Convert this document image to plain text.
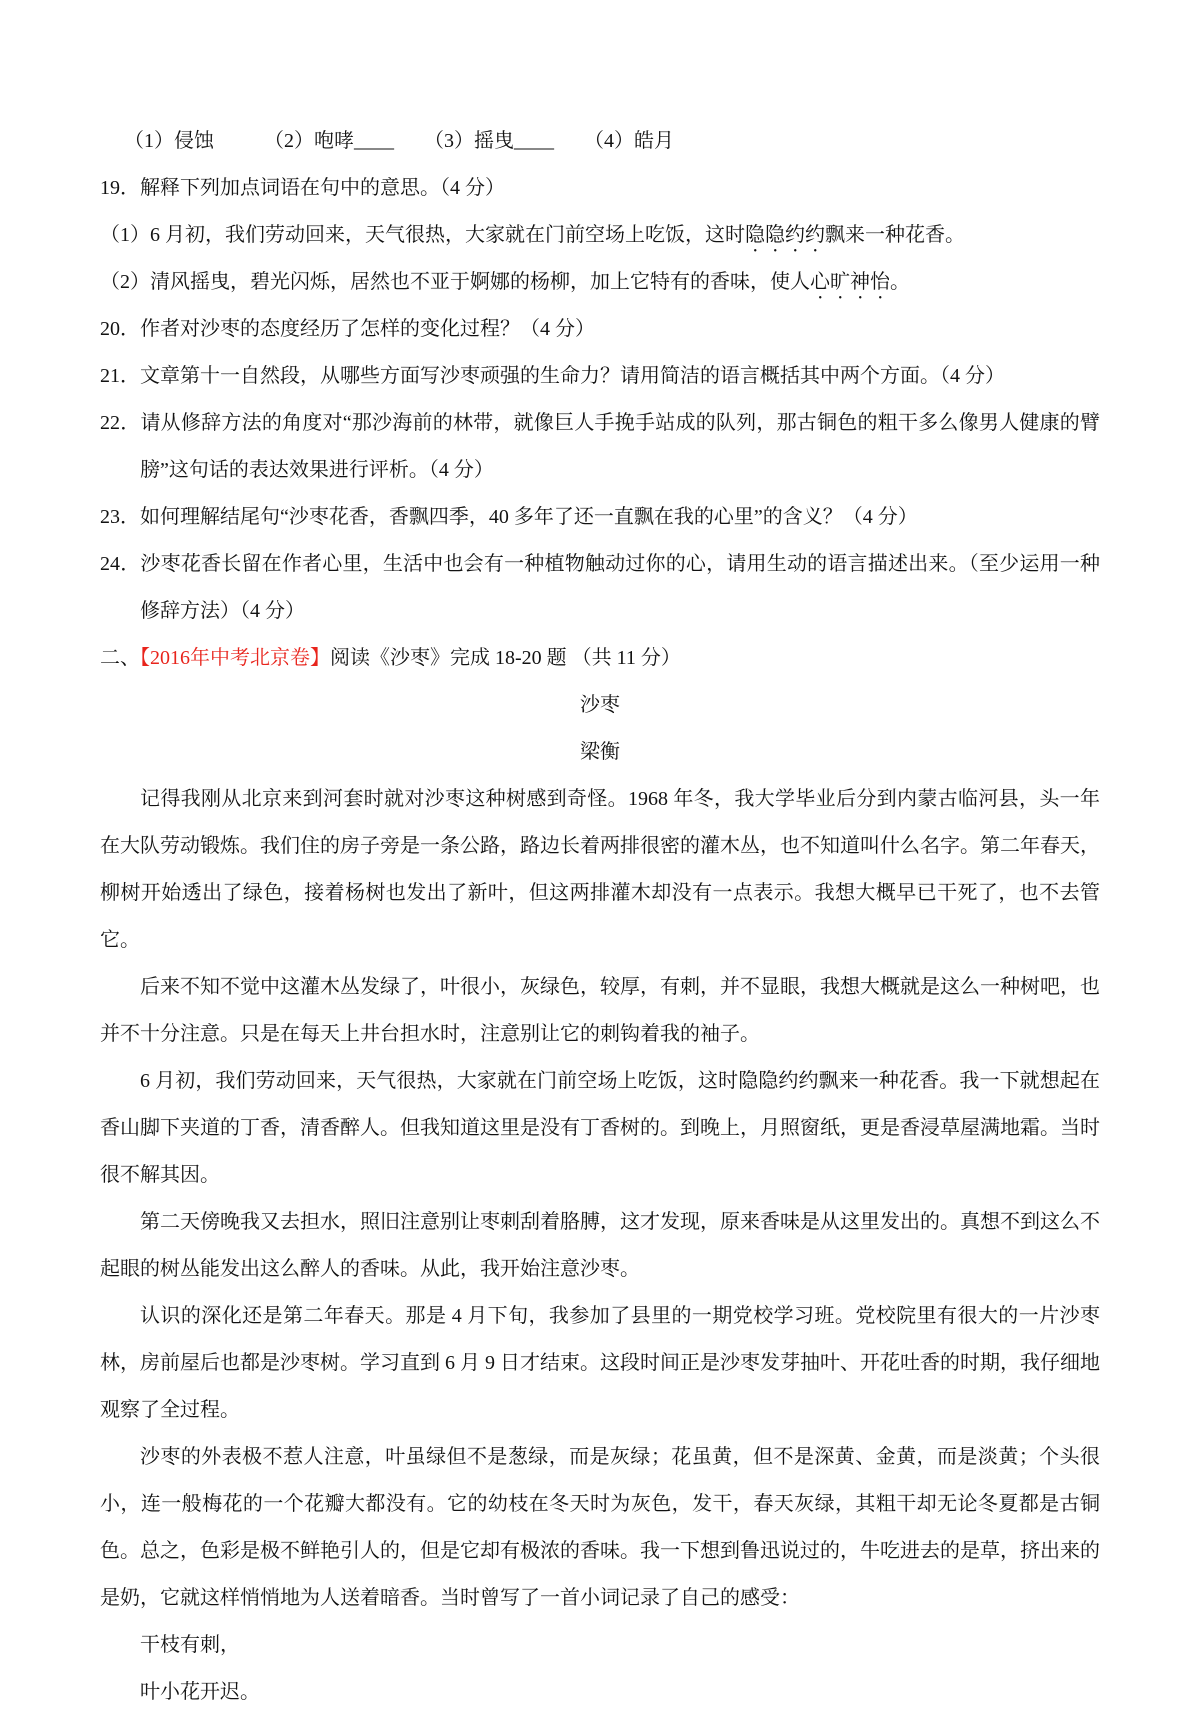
（1）侵蚀　　　（2）咆哮____　　（3）摇曳____　　（4）皓月

19．解释下列加点词语在句中的意思。（4 分）

（1）6 月初，我们劳动回来，天气很热，大家就在门前空场上吃饭，这时隐隐约约飘来一种花香。

（2）清风摇曳，碧光闪烁，居然也不亚于婀娜的杨柳，加上它特有的香味，使人心旷神怡。

20．作者对沙枣的态度经历了怎样的变化过程？（4 分）

21．文章第十一自然段，从哪些方面写沙枣顽强的生命力？请用简洁的语言概括其中两个方面。（4 分）

22．请从修辞方法的角度对“那沙海前的林带，就像巨人手挽手站成的队列，那古铜色的粗干多么像男人健康的臂膀”这句话的表达效果进行评析。（4 分）

23．如何理解结尾句“沙枣花香，香飘四季，40 多年了还一直飘在我的心里”的含义？（4 分）

24．沙枣花香长留在作者心里，生活中也会有一种植物触动过你的心，请用生动的语言描述出来。（至少运用一种修辞方法）（4 分）

二、【2016年中考北京卷】阅读《沙枣》完成 18-20 题 （共 11 分）

沙枣

梁衡

记得我刚从北京来到河套时就对沙枣这种树感到奇怪。1968 年冬，我大学毕业后分到内蒙古临河县，头一年在大队劳动锻炼。我们住的房子旁是一条公路，路边长着两排很密的灌木丛，也不知道叫什么名字。第二年春天，柳树开始透出了绿色，接着杨树也发出了新叶，但这两排灌木却没有一点表示。我想大概早已干死了，也不去管它。

后来不知不觉中这灌木丛发绿了，叶很小，灰绿色，较厚，有刺，并不显眼，我想大概就是这么一种树吧，也并不十分注意。只是在每天上井台担水时，注意别让它的刺钩着我的袖子。

6 月初，我们劳动回来，天气很热，大家就在门前空场上吃饭，这时隐隐约约飘来一种花香。我一下就想起在香山脚下夹道的丁香，清香醉人。但我知道这里是没有丁香树的。到晚上，月照窗纸，更是香浸草屋满地霜。当时很不解其因。

第二天傍晚我又去担水，照旧注意别让枣刺刮着胳膊，这才发现，原来香味是从这里发出的。真想不到这么不起眼的树丛能发出这么醉人的香味。从此，我开始注意沙枣。

认识的深化还是第二年春天。那是 4 月下旬，我参加了县里的一期党校学习班。党校院里有很大的一片沙枣林，房前屋后也都是沙枣树。学习直到 6 月 9 日才结束。这段时间正是沙枣发芽抽叶、开花吐香的时期，我仔细地观察了全过程。

沙枣的外表极不惹人注意，叶虽绿但不是葱绿，而是灰绿；花虽黄，但不是深黄、金黄，而是淡黄；个头很小，连一般梅花的一个花瓣大都没有。它的幼枝在冬天时为灰色，发干，春天灰绿，其粗干却无论冬夏都是古铜色。总之，色彩是极不鲜艳引人的，但是它却有极浓的香味。我一下想到鲁迅说过的，牛吃进去的是草，挤出来的是奶，它就这样悄悄地为人送着暗香。当时曾写了一首小词记录了自己的感受：

干枝有刺，

叶小花开迟。
